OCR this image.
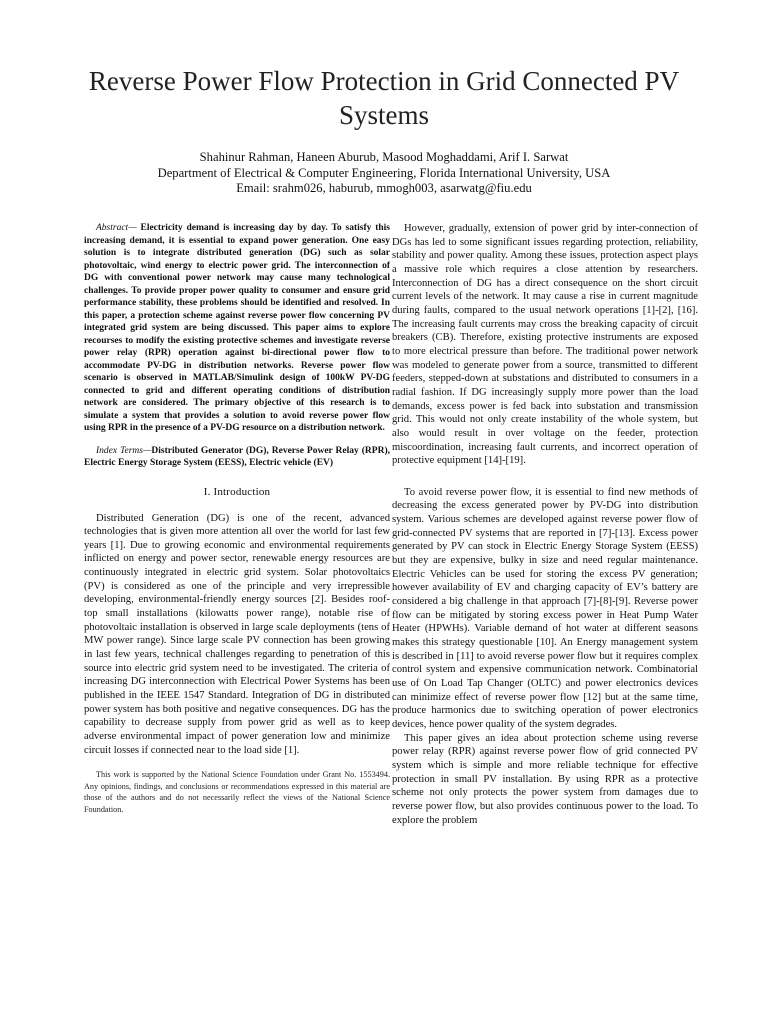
Reverse Power Flow Protection in Grid Connected PV Systems
Shahinur Rahman, Haneen Aburub, Masood Moghaddami, Arif I. Sarwat
Department of Electrical & Computer Engineering, Florida International University, USA
Email: srahm026, haburub, mmogh003, asarwatg@fiu.edu

Abstract— Electricity demand is increasing day by day. To satisfy this increasing demand, it is essential to expand power generation. One easy solution is to integrate distributed generation (DG) such as solar photovoltaic, wind energy to electric power grid. The interconnection of DG with conventional power network may cause many technological challenges. To provide proper power quality to consumer and ensure grid performance stability, these problems should be identified and resolved. In this paper, a protection scheme against reverse power flow concerning PV integrated grid system are being discussed. This paper aims to explore recourses to modify the existing protective schemes and investigate reverse power relay (RPR) operation against bi-directional power flow to accommodate PV-DG in distribution networks. Reverse power flow scenario is observed in MATLAB/Simulink design of 100kW PV-DG connected to grid and different operating conditions of distribution network are considered. The primary objective of this research is to simulate a system that provides a solution to avoid reverse power flow using RPR in the presence of a PV-DG resource on a distribution network.

Index Terms—Distributed Generator (DG), Reverse Power Relay (RPR), Electric Energy Storage System (EESS), Electric vehicle (EV)

I. Introduction

Distributed Generation (DG) is one of the recent, advanced technologies that is given more attention all over the world for last few years [1]. Due to growing economic and environmental requirements inflicted on energy and power sector, renewable energy resources are continuously integrated in electric grid system. Solar photovoltaics (PV) is considered as one of the principle and very irrepressible developing, environmental-friendly energy sources [2]. Besides roof-top small installations (kilowatts power range), notable rise of photovoltaic installation is observed in large scale deployments (tens of MW power range). Since large scale PV connection has been growing in last few years, technical challenges regarding to penetration of this source into electric grid system need to be investigated. The criteria of increasing DG interconnection with Electrical Power Systems has been published in the IEEE 1547 Standard. Integration of DG in distributed power system has both positive and negative consequences. DG has the capability to decrease supply from power grid as well as to keep adverse environmental impact of power generation low and minimize circuit losses if connected near to the load side [1].

This work is supported by the National Science Foundation under Grant No. 1553494. Any opinions, findings, and conclusions or recommendations expressed in this material are those of the authors and do not necessarily reflect the views of the National Science Foundation.

However, gradually, extension of power grid by inter-connection of DGs has led to some significant issues regarding protection, reliability, stability and power quality. Among these issues, protection aspect plays a massive role which requires a close attention by researchers. Interconnection of DG has a direct consequence on the short circuit current levels of the network. It may cause a rise in current magnitude during faults, compared to the usual network operations [1]-[2], [16]. The increasing fault currents may cross the breaking capacity of circuit breakers (CB). Therefore, existing protective instruments are exposed to more electrical pressure than before. The traditional power network was modeled to generate power from a source, transmitted to different feeders, stepped-down at substations and distributed to consumers in a radial fashion. If DG increasingly supply more power than the load demands, excess power is fed back into substation and transmission grid. This would not only create instability of the whole system, but also would result in over voltage on the feeder, protection miscoordination, increasing fault currents, and incorrect operation of protective equipment [14]-[19].

To avoid reverse power flow, it is essential to find new methods of decreasing the excess generated power by PV-DG into distribution system. Various schemes are developed against reverse power flow of grid-connected PV systems that are reported in [7]-[13]. Excess power generated by PV can stock in Electric Energy Storage System (EESS) but they are expensive, bulky in size and need regular maintenance. Electric Vehicles can be used for storing the excess PV generation; however availability of EV and charging capacity of EV’s battery are considered a big challenge in that approach [7]-[8]-[9]. Reverse power flow can be mitigated by storing excess power in Heat Pump Water Heater (HPWHs). Variable demand of hot water at different seasons makes this strategy questionable [10]. An Energy management system is described in [11] to avoid reverse power flow but it requires complex control system and expensive communication network. Combinatorial use of On Load Tap Changer (OLTC) and power electronics devices can minimize effect of reverse power flow [12] but at the same time, produce harmonics due to switching operation of power electronics devices, hence power quality of the system degrades.

This paper gives an idea about protection scheme using reverse power relay (RPR) against reverse power flow of grid connected PV system which is simple and more reliable technique for effective protection in small PV installation. By using RPR as a protective scheme not only protects the power system from damages due to reverse power flow, but also provides continuous power to the load. To explore the problem
